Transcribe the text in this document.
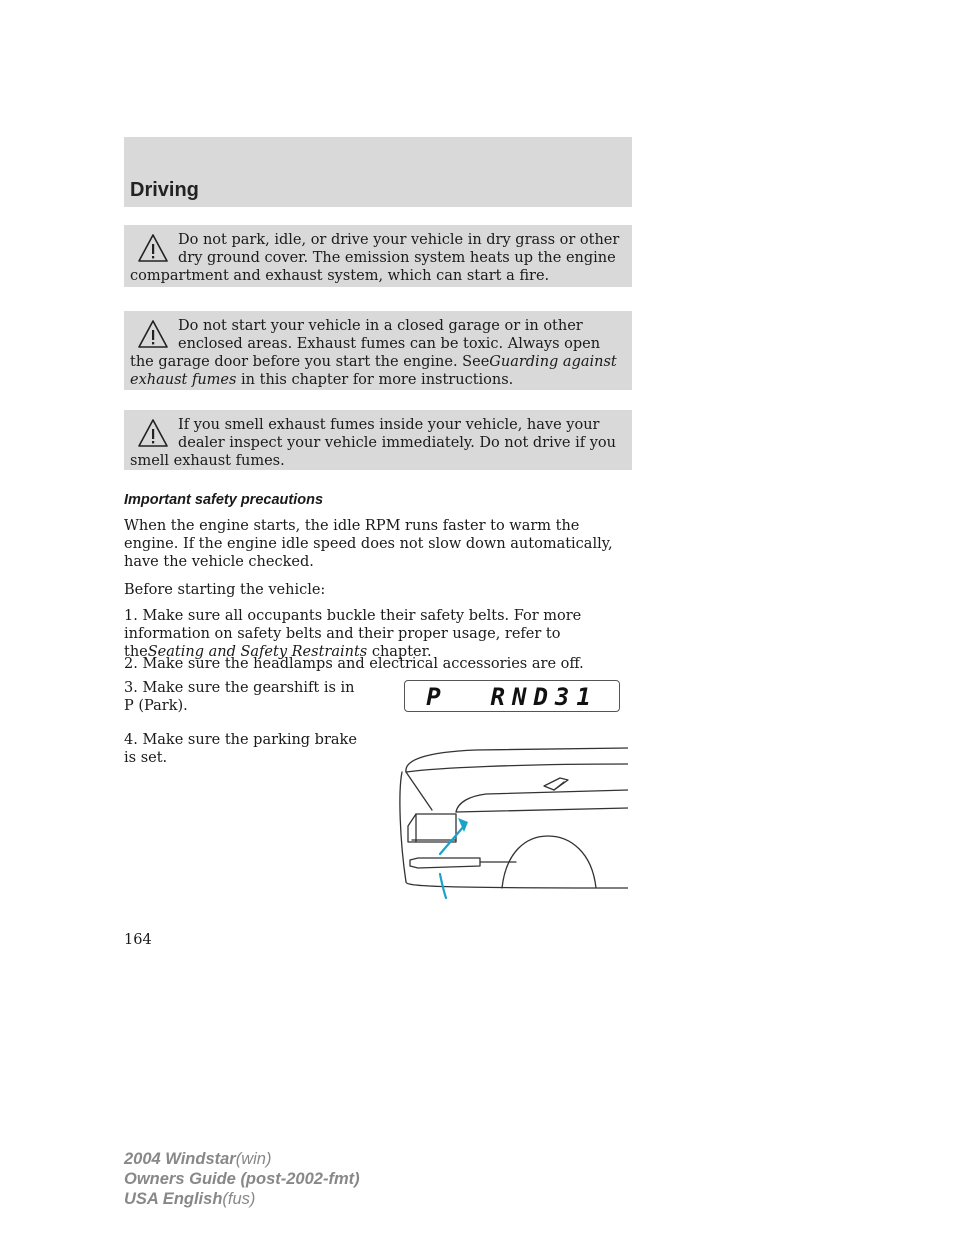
Driving

Do not park, idle, or drive your vehicle in dry grass or other dry ground cover. The emission system heats up the engine compartment and exhaust system, which can start a fire.

Do not start your vehicle in a closed garage or in other enclosed areas. Exhaust fumes can be toxic. Always open the garage door before you start the engine. SeeGuarding against exhaust fumes in this chapter for more instructions.

If you smell exhaust fumes inside your vehicle, have your dealer inspect your vehicle immediately. Do not drive if you smell exhaust fumes.

Important safety precautions

When the engine starts, the idle RPM runs faster to warm the engine. If the engine idle speed does not slow down automatically, have the vehicle checked.

Before starting the vehicle:

1. Make sure all occupants buckle their safety belts. For more information on safety belts and their proper usage, refer to theSeating and Safety Restraints chapter.

2. Make sure the headlamps and electrical accessories are off.

3. Make sure the gearshift is in P (Park).

4. Make sure the parking brake is set.

P  RND31
164
2004 Windstar(win)
Owners Guide (post-2002-fmt)
USA English(fus)
